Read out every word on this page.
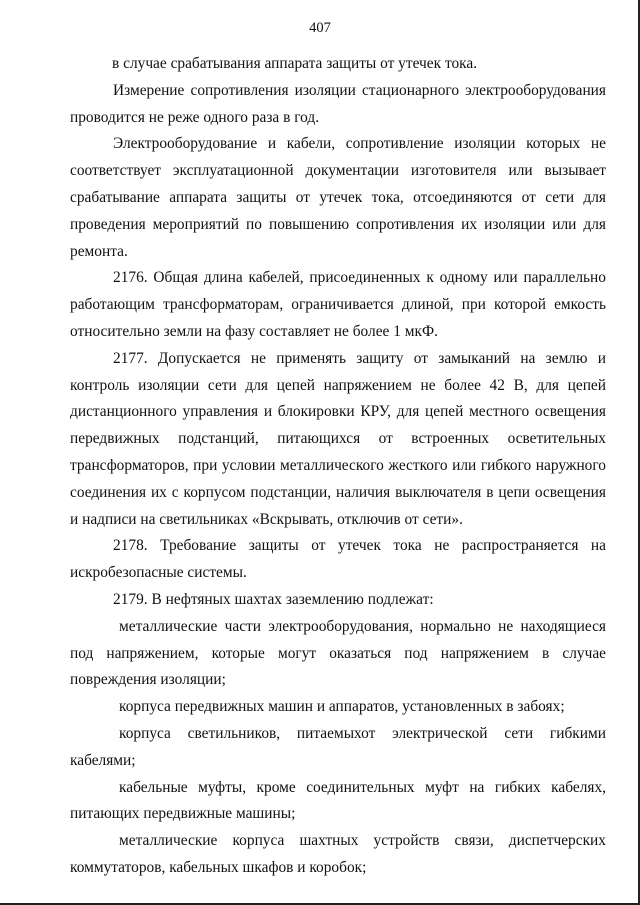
407

в случае срабатывания аппарата защиты от утечек тока.

Измерение сопротивления изоляции стационарного электрооборудования проводится не реже одного раза в год.

Электрооборудование и кабели, сопротивление изоляции которых не соответствует эксплуатационной документации изготовителя или вызывает срабатывание аппарата защиты от утечек тока, отсоединяются от сети для проведения мероприятий по повышению сопротивления их изоляции или для ремонта.

2176. Общая длина кабелей, присоединенных к одному или параллельно работающим трансформаторам, ограничивается длиной, при которой емкость относительно земли на фазу составляет не более 1 мкФ.

2177. Допускается не применять защиту от замыканий на землю и контроль изоляции сети для цепей напряжением не более 42 В, для цепей дистанционного управления и блокировки КРУ, для цепей местного освещения передвижных подстанций, питающихся от встроенных осветительных трансформаторов, при условии металлического жесткого или гибкого наружного соединения их с корпусом подстанции, наличия выключателя в цепи освещения и надписи на светильниках «Вскрывать, отключив от сети».

2178. Требование защиты от утечек тока не распространяется на искробезопасные системы.

2179. В нефтяных шахтах заземлению подлежат:

металлические части электрооборудования, нормально не находящиеся под напряжением, которые могут оказаться под напряжением в случае повреждения изоляции;

корпуса передвижных машин и аппаратов, установленных в забоях;

корпуса светильников, питаемыхот электрической сети гибкими кабелями;

кабельные муфты, кроме соединительных муфт на гибких кабелях, питающих передвижные машины;

металлические корпуса шахтных устройств связи, диспетчерских коммутаторов, кабельных шкафов и коробок;
